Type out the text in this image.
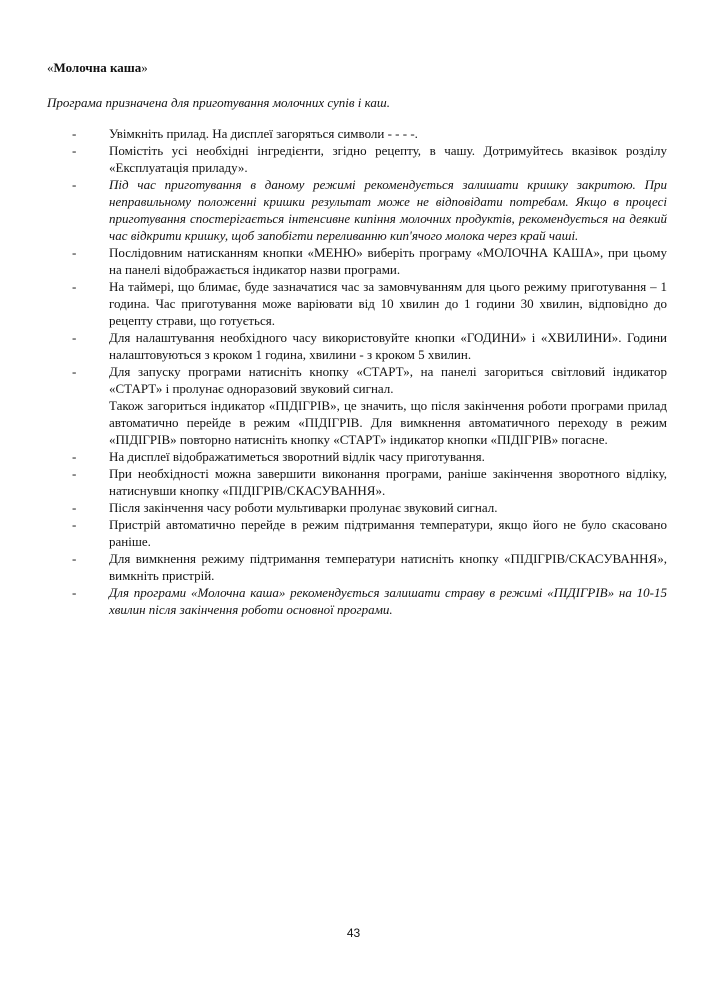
«Молочна каша»
Програма призначена для приготування молочних супів і каш.
-	Увімкніть прилад. На дисплеї загоряться символи - - - -.
-	Помістіть усі необхідні інгредієнти, згідно рецепту, в чашу. Дотримуйтесь вказівок розділу «Експлуатація приладу».
-	Під час приготування в даному режимі рекомендується залишати кришку закритою. При неправильному положенні кришки результат може не відповідати потребам. Якщо в процесі приготування спостерігається інтенсивне кипіння молочних продуктів, рекомендується на деякий час відкрити кришку, щоб запобігти переливанню кип'ячого молока через край чаші.
-	Послідовним натисканням кнопки «МЕНЮ» виберіть програму «МОЛОЧНА КАША», при цьому на панелі відображається індикатор назви програми.
-	На таймері, що блимає, буде зазначатися час за замовчуванням для цього режиму приготування – 1 година. Час приготування може варіювати від 10 хвилин до 1 години 30 хвилин, відповідно до рецепту страви, що готується.
-	Для налаштування необхідного часу використовуйте кнопки «ГОДИНИ» і «ХВИЛИНИ». Години налаштовуються з кроком 1 година, хвилини - з кроком 5 хвилин.
-	Для запуску програми натисніть кнопку «СТАРТ», на панелі загориться світловий індикатор «СТАРТ» і пролунає одноразовий звуковий сигнал.
Також загориться індикатор «ПІДІГРІВ», це значить, що після закінчення роботи програми прилад автоматично перейде в режим «ПІДІГРІВ. Для вимкнення автоматичного переходу в режим «ПІДІГРІВ» повторно натисніть кнопку «СТАРТ» індикатор кнопки «ПІДІГРІВ» погасне.
-	На дисплеї відображатиметься зворотний відлік часу приготування.
-	При необхідності можна завершити виконання програми, раніше закінчення зворотного відліку, натиснувши кнопку «ПІДІГРІВ/СКАСУВАННЯ».
-	Після закінчення часу роботи мультиварки пролунає звуковий сигнал.
-	Пристрій автоматично перейде в режим підтримання температури, якщо його не було скасовано раніше.
-	Для вимкнення режиму підтримання температури натисніть кнопку «ПІДІГРІВ/СКАСУВАННЯ», вимкніть пристрій.
-	Для програми «Молочна каша» рекомендується залишати страву в режимі «ПІДІГРІВ» на 10-15 хвилин після закінчення роботи основної програми.
43
